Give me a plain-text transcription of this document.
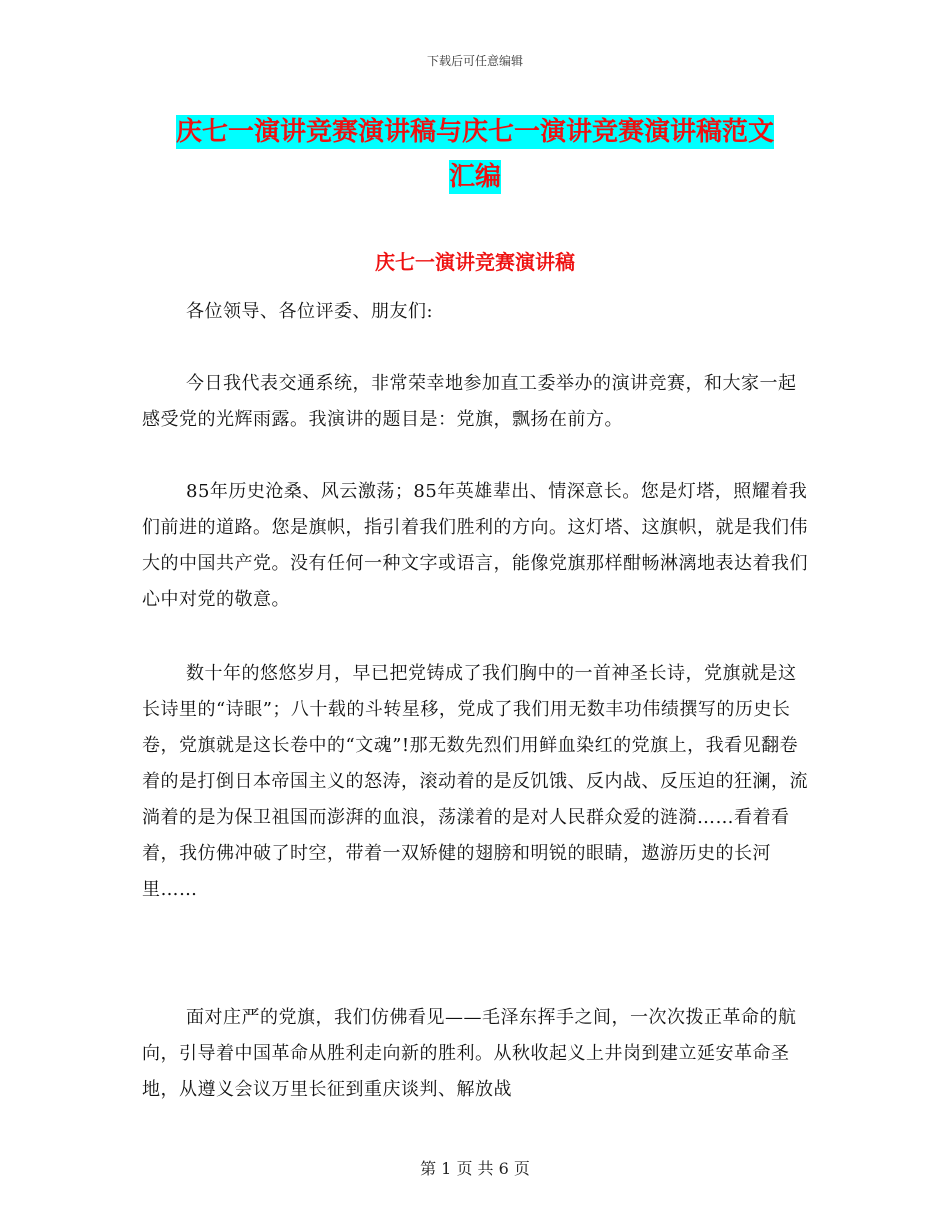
下载后可任意编辑
庆七一演讲竞赛演讲稿与庆七一演讲竞赛演讲稿范文
汇编
庆七一演讲竞赛演讲稿
各位领导、各位评委、朋友们:
今日我代表交通系统，非常荣幸地参加直工委举办的演讲竞赛，和大家一起感受党的光辉雨露。我演讲的题目是：党旗，飘扬在前方。
85年历史沧桑、风云激荡；85年英雄辈出、情深意长。您是灯塔，照耀着我们前进的道路。您是旗帜，指引着我们胜利的方向。这灯塔、这旗帜，就是我们伟大的中国共产党。没有任何一种文字或语言，能像党旗那样酣畅淋漓地表达着我们心中对党的敬意。
数十年的悠悠岁月，早已把党铸成了我们胸中的一首神圣长诗，党旗就是这长诗里的“诗眼”；八十载的斗转星移，党成了我们用无数丰功伟绩撰写的历史长卷，党旗就是这长卷中的“文魂”!那无数先烈们用鲜血染红的党旗上，我看见翻卷着的是打倒日本帝国主义的怒涛，滚动着的是反饥饿、反内战、反压迫的狂澜，流淌着的是为保卫祖国而澎湃的血浪，荡漾着的是对人民群众爱的涟漪……看着看着，我仿佛冲破了时空，带着一双矫健的翅膀和明锐的眼睛，遨游历史的长河里……
面对庄严的党旗，我们仿佛看见——毛泽东挥手之间，一次次拨正革命的航向，引导着中国革命从胜利走向新的胜利。从秋收起义上井岗到建立延安革命圣地，从遵义会议万里长征到重庆谈判、解放战
第 1 页 共 6 页
